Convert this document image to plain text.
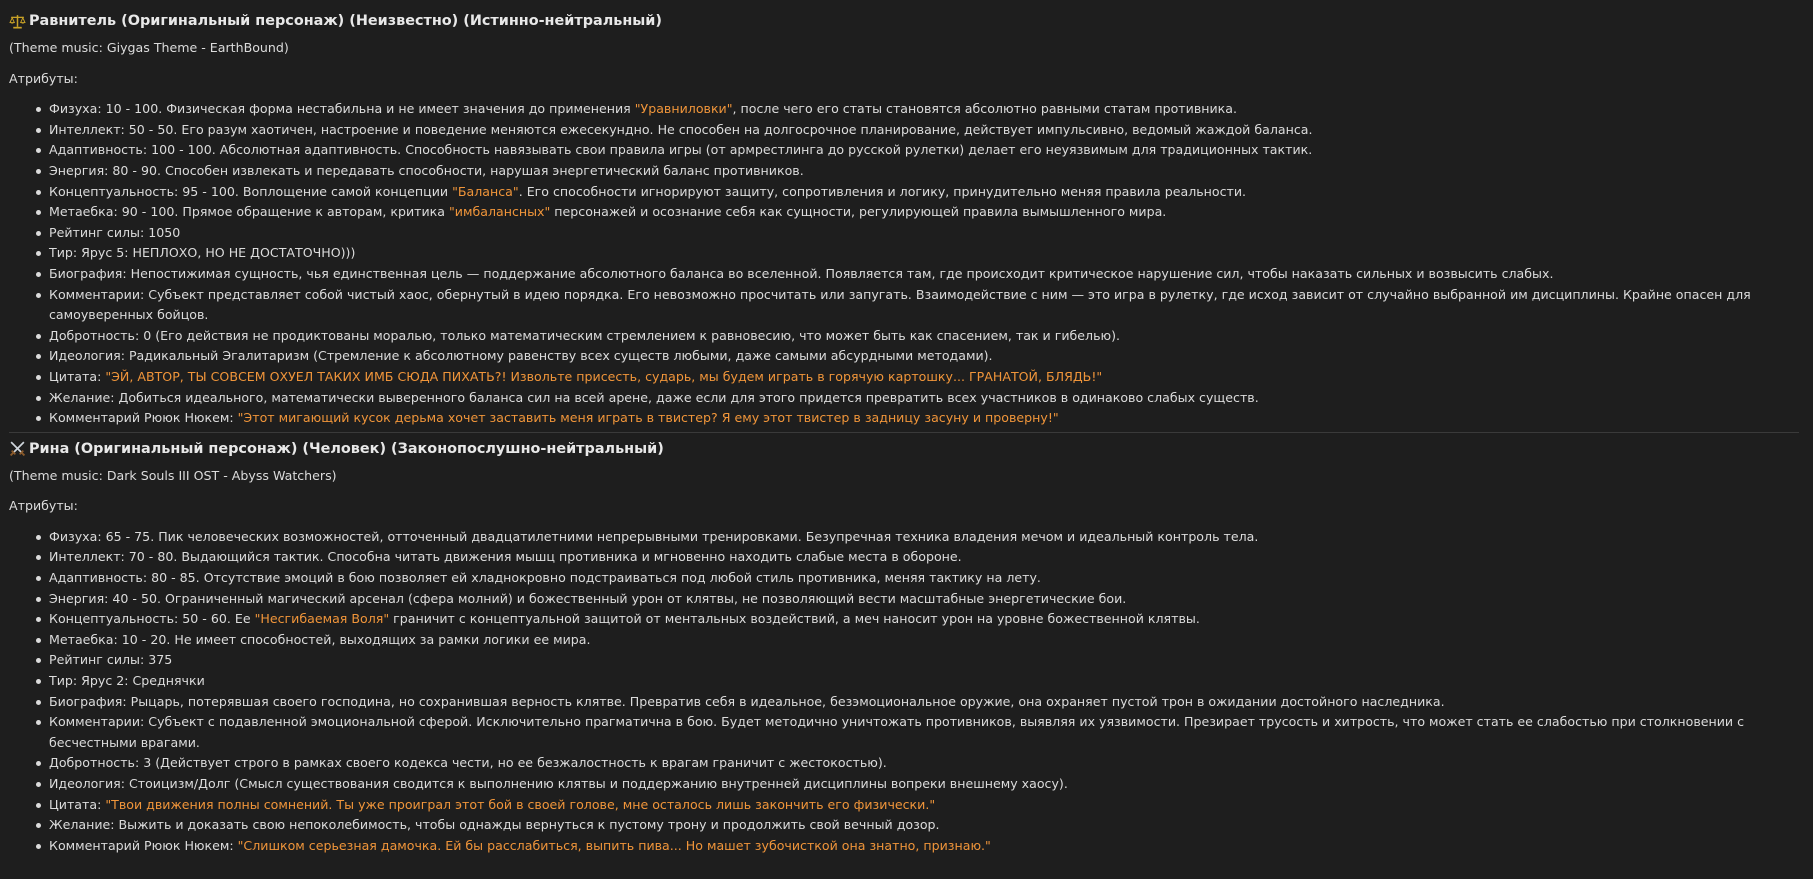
Равнитель (Оригинальный персонаж) (Неизвестно) (Истинно-нейтральный)
(Theme music: Giygas Theme - EarthBound)
Атрибуты:
Физуха: 10 - 100. Физическая форма нестабильна и не имеет значения до применения "Уравниловки", после чего его статы становятся абсолютно равными статам противника.
Интеллект: 50 - 50. Его разум хаотичен, настроение и поведение меняются ежесекундно. Не способен на долгосрочное планирование, действует импульсивно, ведомый жаждой баланса.
Адаптивность: 100 - 100. Абсолютная адаптивность. Способность навязывать свои правила игры (от армрестлинга до русской рулетки) делает его неуязвимым для традиционных тактик.
Энергия: 80 - 90. Способен извлекать и передавать способности, нарушая энергетический баланс противников.
Концептуальность: 95 - 100. Воплощение самой концепции "Баланса". Его способности игнорируют защиту, сопротивления и логику, принудительно меняя правила реальности.
Метаебка: 90 - 100. Прямое обращение к авторам, критика "имбалансных" персонажей и осознание себя как сущности, регулирующей правила вымышленного мира.
Рейтинг силы: 1050
Тир: Ярус 5: НЕПЛОХО, НО НЕ ДОСТАТОЧНО)))
Биография: Непостижимая сущность, чья единственная цель — поддержание абсолютного баланса во вселенной. Появляется там, где происходит критическое нарушение сил, чтобы наказать сильных и возвысить слабых.
Комментарии: Субъект представляет собой чистый хаос, обернутый в идею порядка. Его невозможно просчитать или запугать. Взаимодействие с ним — это игра в рулетку, где исход зависит от случайно выбранной им дисциплины. Крайне опасен для самоуверенных бойцов.
Добротность: 0 (Его действия не продиктованы моралью, только математическим стремлением к равновесию, что может быть как спасением, так и гибелью).
Идеология: Радикальный Эгалитаризм (Стремление к абсолютному равенству всех существ любыми, даже самыми абсурдными методами).
Цитата: "ЭЙ, АВТОР, ТЫ СОВСЕМ ОХУЕЛ ТАКИХ ИМБ СЮДА ПИХАТЬ?! Извольте присесть, сударь, мы будем играть в горячую картошку... ГРАНАТОЙ, БЛЯДЬ!"
Желание: Добиться идеального, математически выверенного баланса сил на всей арене, даже если для этого придется превратить всех участников в одинаково слабых существ.
Комментарий Рююк Нюкем: "Этот мигающий кусок дерьма хочет заставить меня играть в твистер? Я ему этот твистер в задницу засуну и проверну!"
Рина (Оригинальный персонаж) (Человек) (Законопослушно-нейтральный)
(Theme music: Dark Souls III OST - Abyss Watchers)
Атрибуты:
Физуха: 65 - 75. Пик человеческих возможностей, отточенный двадцатилетними непрерывными тренировками. Безупречная техника владения мечом и идеальный контроль тела.
Интеллект: 70 - 80. Выдающийся тактик. Способна читать движения мышц противника и мгновенно находить слабые места в обороне.
Адаптивность: 80 - 85. Отсутствие эмоций в бою позволяет ей хладнокровно подстраиваться под любой стиль противника, меняя тактику на лету.
Энергия: 40 - 50. Ограниченный магический арсенал (сфера молний) и божественный урон от клятвы, не позволяющий вести масштабные энергетические бои.
Концептуальность: 50 - 60. Ее "Несгибаемая Воля" граничит с концептуальной защитой от ментальных воздействий, а меч наносит урон на уровне божественной клятвы.
Метаебка: 10 - 20. Не имеет способностей, выходящих за рамки логики ее мира.
Рейтинг силы: 375
Тир: Ярус 2: Среднячки
Биография: Рыцарь, потерявшая своего господина, но сохранившая верность клятве. Превратив себя в идеальное, безэмоциональное оружие, она охраняет пустой трон в ожидании достойного наследника.
Комментарии: Субъект с подавленной эмоциональной сферой. Исключительно прагматична в бою. Будет методично уничтожать противников, выявляя их уязвимости. Презирает трусость и хитрость, что может стать ее слабостью при столкновении с бесчестными врагами.
Добротность: 3 (Действует строго в рамках своего кодекса чести, но ее безжалостность к врагам граничит с жестокостью).
Идеология: Стоицизм/Долг (Смысл существования сводится к выполнению клятвы и поддержанию внутренней дисциплины вопреки внешнему хаосу).
Цитата: "Твои движения полны сомнений. Ты уже проиграл этот бой в своей голове, мне осталось лишь закончить его физически."
Желание: Выжить и доказать свою непоколебимость, чтобы однажды вернуться к пустому трону и продолжить свой вечный дозор.
Комментарий Рююк Нюкем: "Слишком серьезная дамочка. Ей бы расслабиться, выпить пива... Но машет зубочисткой она знатно, признаю."
